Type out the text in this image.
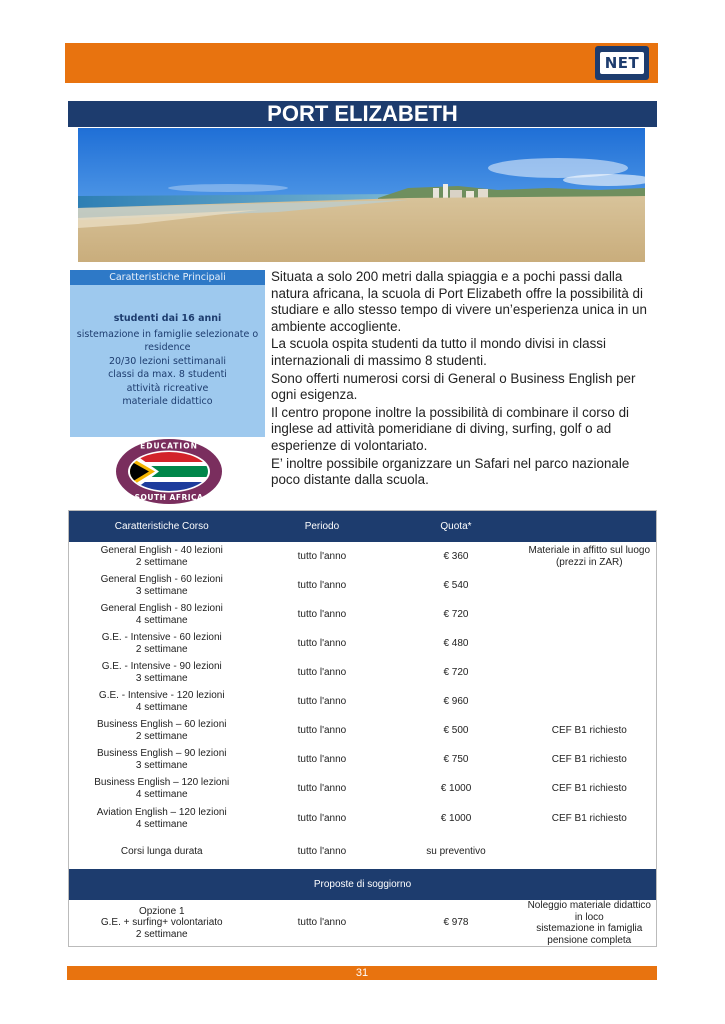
NET
PORT ELIZABETH
Caratteristiche Principali
studenti dai 16 anni
sistemazione in famiglie selezionate o residence
20/30 lezioni settimanali
classi da max. 8 studenti
attività ricreative
materiale didattico
EDUCATION
SOUTH AFRICA

Situata a solo 200 metri dalla spiaggia e a pochi passi dalla natura africana, la scuola di Port Elizabeth offre la possibilità di studiare e allo stesso tempo di vivere un’esperienza unica in un ambiente accogliente.

La scuola ospita studenti da tutto il mondo divisi in classi internazionali di massimo 8 studenti.

Sono offerti numerosi corsi di General o Business English per ogni esigenza.

Il centro propone inoltre la possibilità di combinare il corso di inglese ad attività pomeridiane di diving, surfing, golf o ad esperienze di volontariato.

E’ inoltre possibile organizzare un Safari nel parco nazionale poco distante dalla scuola.

Caratteristiche Corso	Periodo	Quota*	
General English - 40 lezioni
2 settimane	tutto l'anno	€ 360	Materiale in affitto sul luogo (prezzi in ZAR)
General English - 60 lezioni
3 settimane	tutto l'anno	€ 540	
General English - 80 lezioni
4 settimane	tutto l'anno	€ 720	
G.E. - Intensive - 60 lezioni
2 settimane	tutto l'anno	€ 480	
G.E. - Intensive - 90 lezioni
3 settimane	tutto l'anno	€ 720	
G.E. - Intensive - 120 lezioni
4 settimane	tutto l'anno	€ 960	
Business English – 60 lezioni
2 settimane	tutto l'anno	€ 500	CEF B1 richiesto
Business English – 90 lezioni
3 settimane	tutto l'anno	€ 750	CEF B1 richiesto
Business English – 120 lezioni
4 settimane	tutto l'anno	€ 1000	CEF B1 richiesto
Aviation English – 120 lezioni
4 settimane	tutto l'anno	€ 1000	CEF B1 richiesto
Corsi lunga durata	tutto l'anno	su preventivo	
Proposte di soggiorno			
Opzione 1
G.E. + surfing+ volontariato
2 settimane	tutto l'anno	€ 978	Noleggio materiale didattico in loco
sistemazione in famiglia pensione completa
31
